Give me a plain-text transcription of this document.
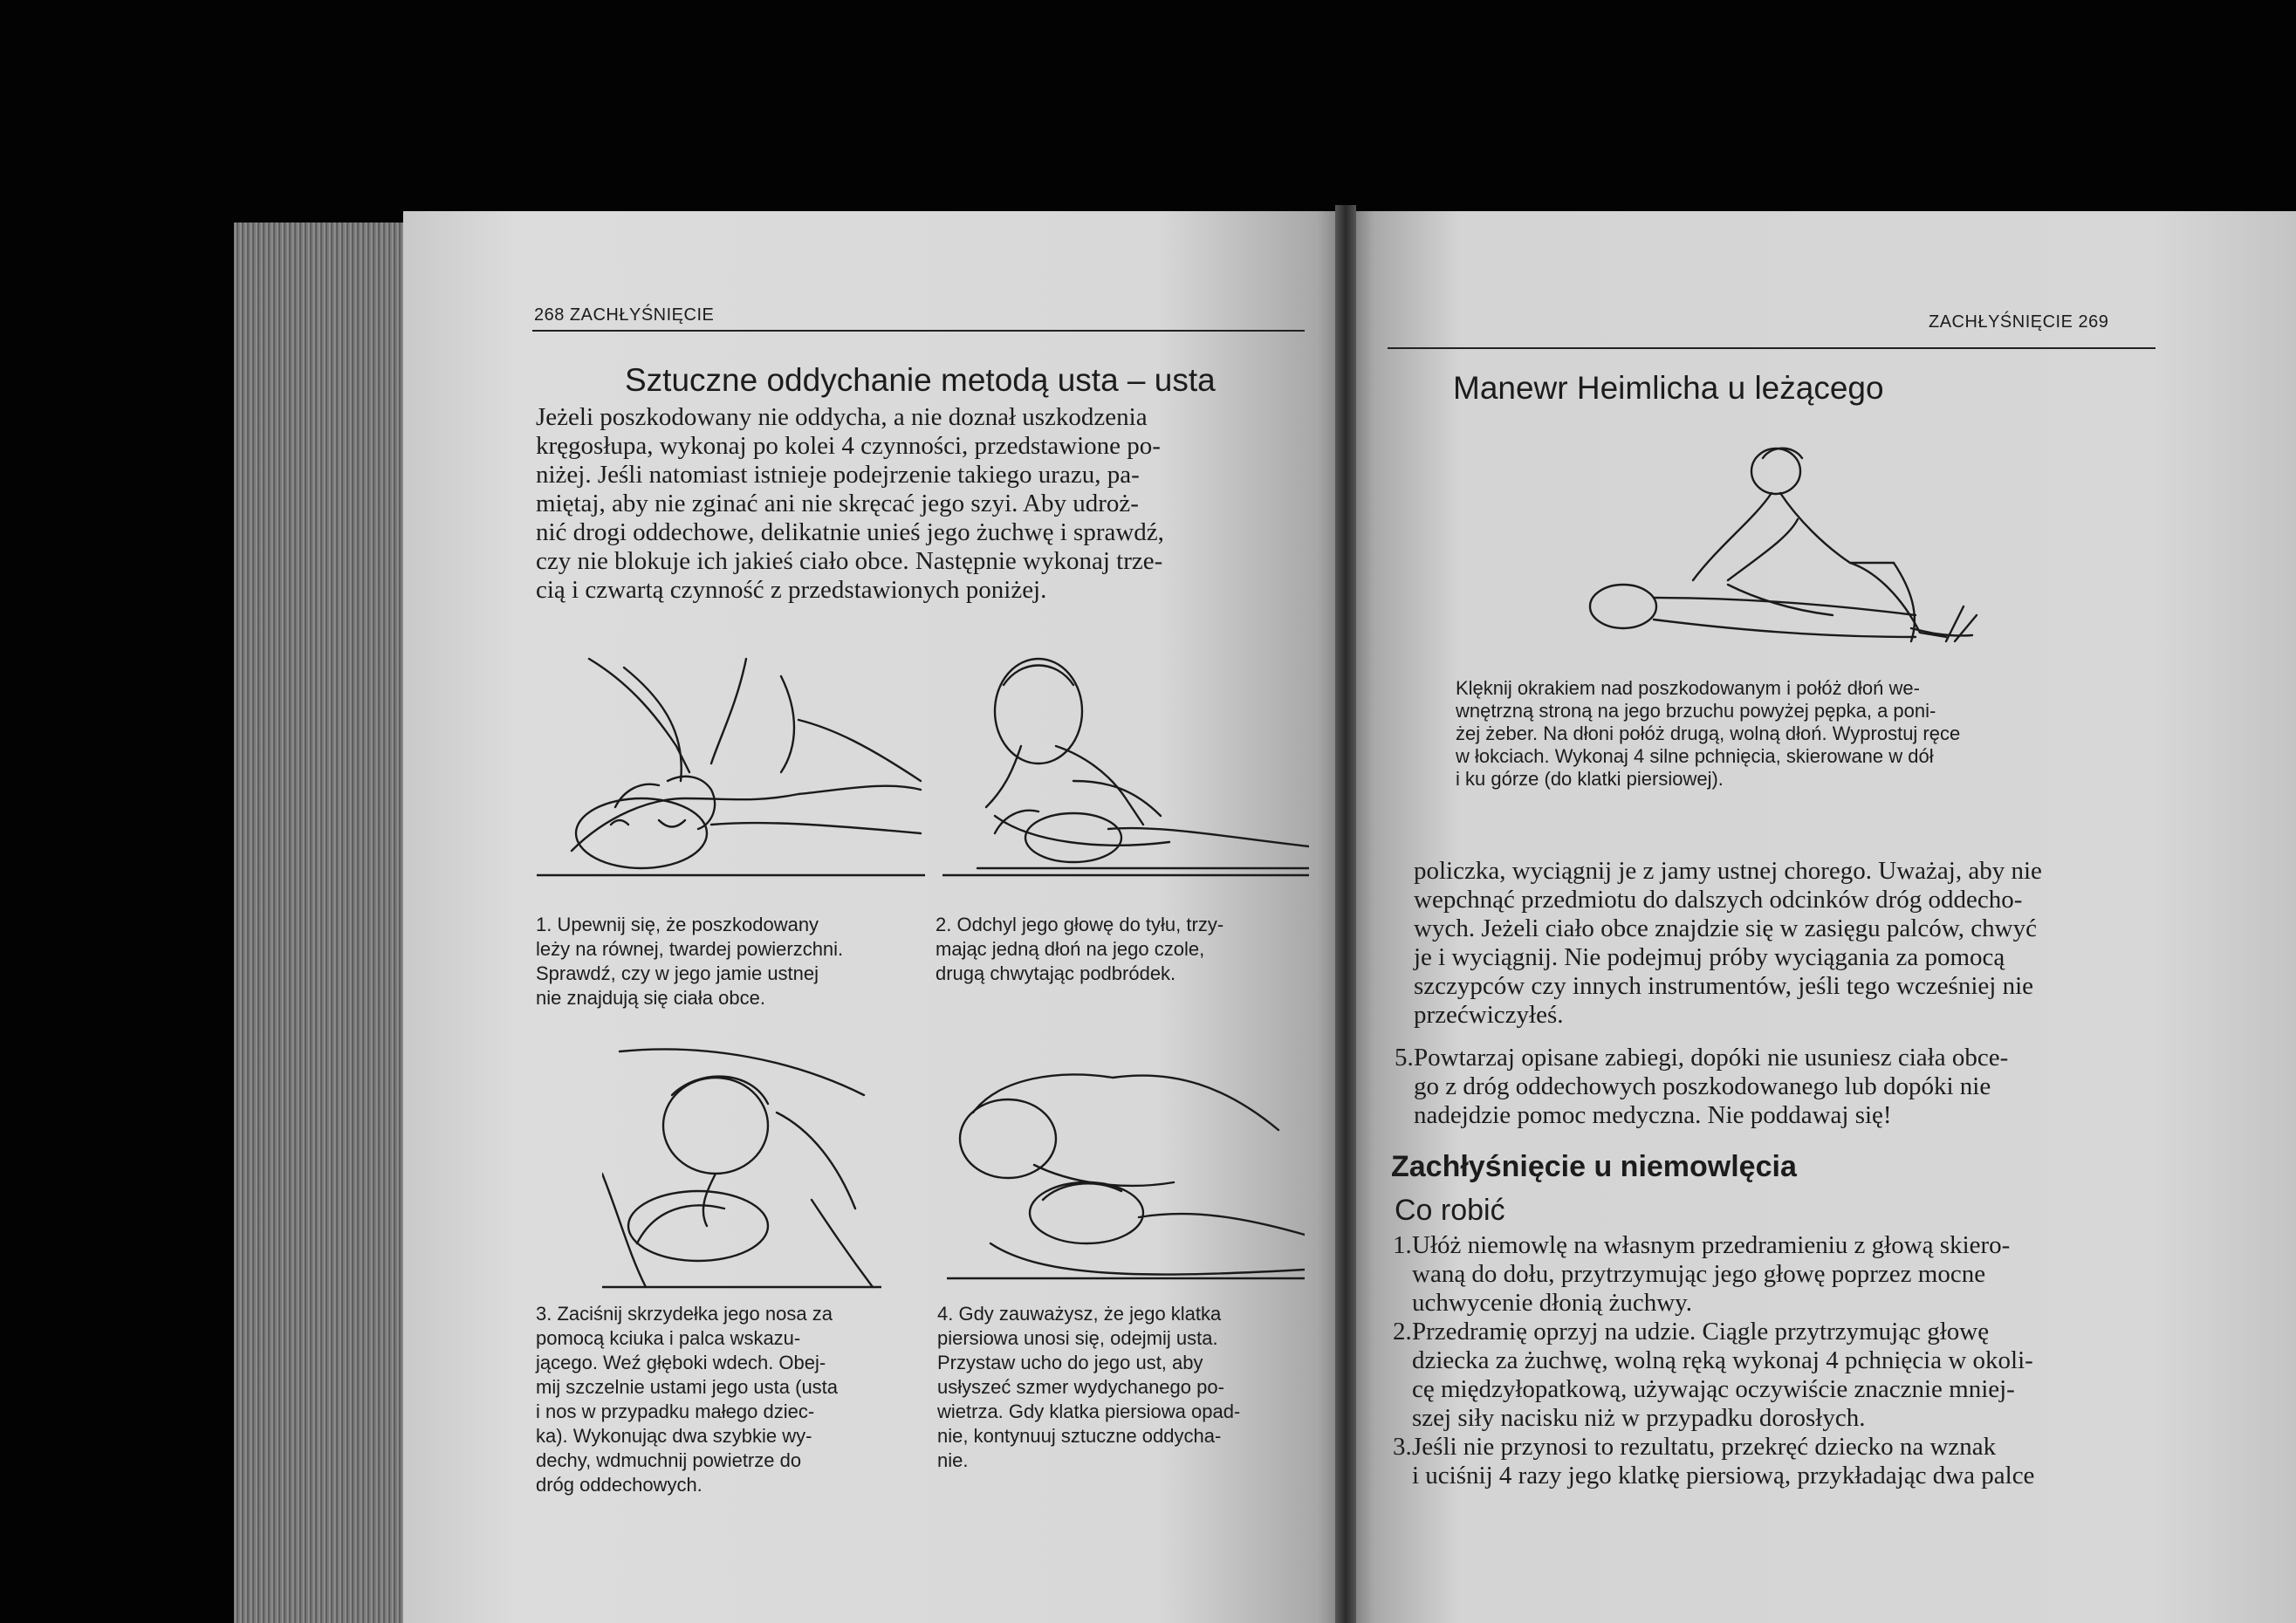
268 ZACHŁYŚNIĘCIE
Sztuczne oddychanie metodą usta – usta
Jeżeli poszkodowany nie oddycha, a nie doznał uszkodzenia
kręgosłupa, wykonaj po kolei 4 czynności, przedstawione po-
niżej. Jeśli natomiast istnieje podejrzenie takiego urazu, pa-
miętaj, aby nie zginać ani nie skręcać jego szyi. Aby udroż-
nić drogi oddechowe, delikatnie unieś jego żuchwę i sprawdź,
czy nie blokuje ich jakieś ciało obce. Następnie wykonaj trze-
cią i czwartą czynność z przedstawionych poniżej.
1. Upewnij się, że poszkodowany
leży na równej, twardej powierzchni.
Sprawdź, czy w jego jamie ustnej
nie znajdują się ciała obce.
2. Odchyl jego głowę do tyłu, trzy-
mając jedną dłoń na jego czole,
drugą chwytając podbródek.
3. Zaciśnij skrzydełka jego nosa za
pomocą kciuka i palca wskazu-
jącego. Weź głęboki wdech. Obej-
mij szczelnie ustami jego usta (usta
i nos w przypadku małego dziec-
ka). Wykonując dwa szybkie wy-
dechy, wdmuchnij powietrze do
dróg oddechowych.
4. Gdy zauważysz, że jego klatka
piersiowa unosi się, odejmij usta.
Przystaw ucho do jego ust, aby
usłyszeć szmer wydychanego po-
wietrza. Gdy klatka piersiowa opad-
nie, kontynuuj sztuczne oddycha-
nie.
ZACHŁYŚNIĘCIE 269
Manewr Heimlicha u leżącego
Klęknij okrakiem nad poszkodowanym i połóż dłoń we-
wnętrzną stroną na jego brzuchu powyżej pępka, a poni-
żej żeber. Na dłoni połóż drugą, wolną dłoń. Wyprostuj ręce
w łokciach. Wykonaj 4 silne pchnięcia, skierowane w dół
i ku górze (do klatki piersiowej).
policzka, wyciągnij je z jamy ustnej chorego. Uważaj, aby nie
wepchnąć przedmiotu do dalszych odcinków dróg oddecho-
wych. Jeżeli ciało obce znajdzie się w zasięgu palców, chwyć
je i wyciągnij. Nie podejmuj próby wyciągania za pomocą
szczypców czy innych instrumentów, jeśli tego wcześniej nie
przećwiczyłeś.
5.Powtarzaj opisane zabiegi, dopóki nie usuniesz ciała obce-
go z dróg oddechowych poszkodowanego lub dopóki nie
nadejdzie pomoc medyczna. Nie poddawaj się!
Zachłyśnięcie u niemowlęcia
Co robić
1.Ułóż niemowlę na własnym przedramieniu z głową skiero-
waną do dołu, przytrzymując jego głowę poprzez mocne
uchwycenie dłonią żuchwy.
2.Przedramię oprzyj na udzie. Ciągle przytrzymując głowę
dziecka za żuchwę, wolną ręką wykonaj 4 pchnięcia w okoli-
cę międzyłopatkową, używając oczywiście znacznie mniej-
szej siły nacisku niż w przypadku dorosłych.
3.Jeśli nie przynosi to rezultatu, przekręć dziecko na wznak
i uciśnij 4 razy jego klatkę piersiową, przykładając dwa palce
